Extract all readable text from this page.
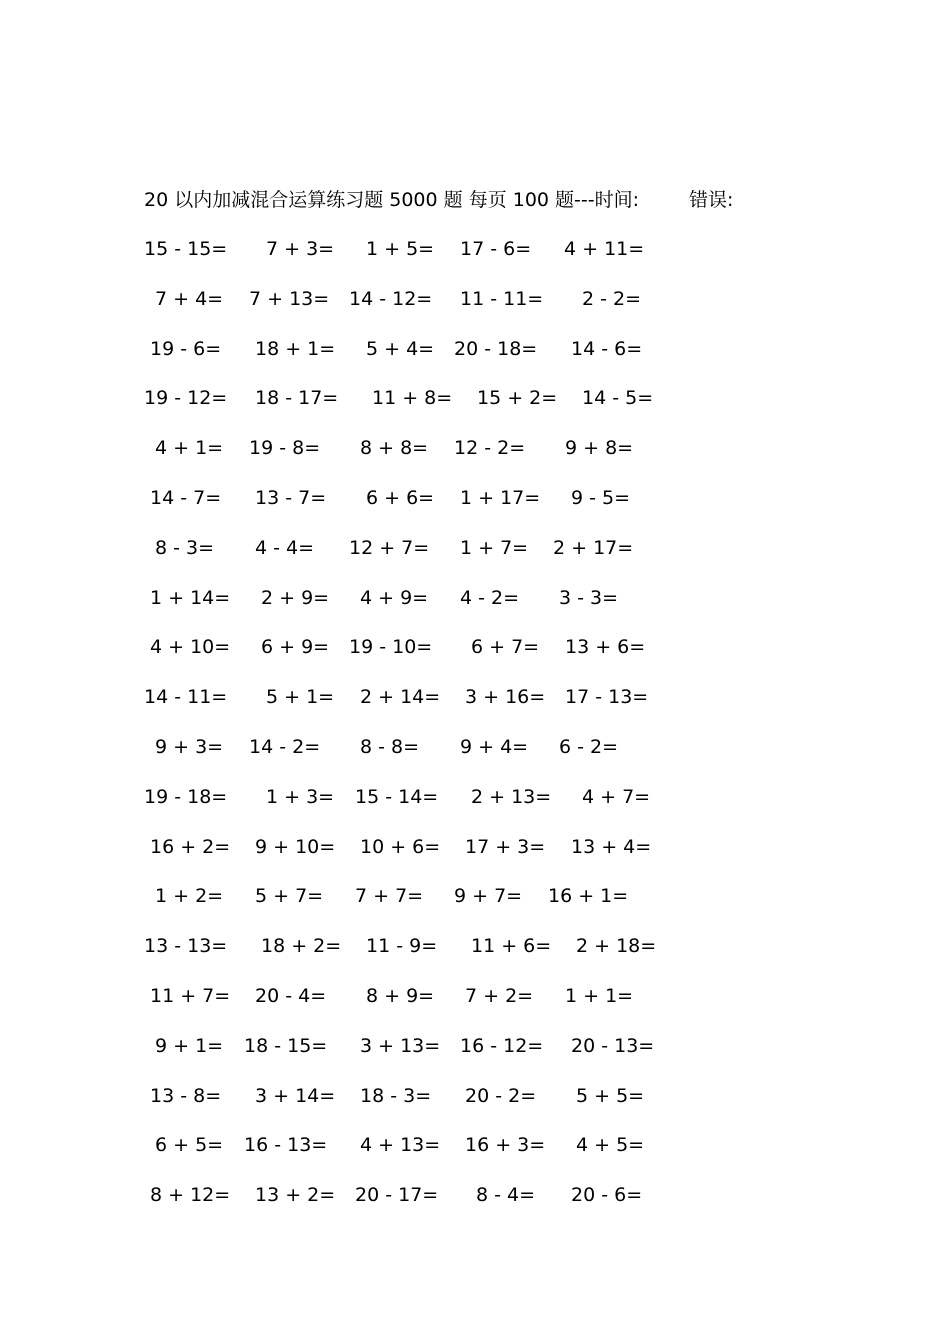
20 以内加减混合运算练习题 5000 题 每页 100 题---时间:	错误:
15 - 15= 7 + 3= 1 + 5= 17 - 6= 4 + 11=
7 + 4= 7 + 13= 14 - 12= 11 - 11= 2 - 2=
19 - 6= 18 + 1= 5 + 4= 20 - 18= 14 - 6=
19 - 12= 18 - 17= 11 + 8= 15 + 2= 14 - 5=
4 + 1= 19 - 8= 8 + 8= 12 - 2= 9 + 8=
14 - 7= 13 - 7= 6 + 6= 1 + 17= 9 - 5=
8 - 3= 4 - 4= 12 + 7= 1 + 7= 2 + 17=
1 + 14= 2 + 9= 4 + 9= 4 - 2= 3 - 3=
4 + 10= 6 + 9= 19 - 10= 6 + 7= 13 + 6=
14 - 11= 5 + 1= 2 + 14= 3 + 16= 17 - 13=
9 + 3= 14 - 2= 8 - 8= 9 + 4= 6 - 2=
19 - 18= 1 + 3= 15 - 14= 2 + 13= 4 + 7=
16 + 2= 9 + 10= 10 + 6= 17 + 3= 13 + 4=
1 + 2= 5 + 7= 7 + 7= 9 + 7= 16 + 1=
13 - 13= 18 + 2= 11 - 9= 11 + 6= 2 + 18=
11 + 7= 20 - 4= 8 + 9= 7 + 2= 1 + 1=
9 + 1= 18 - 15= 3 + 13= 16 - 12= 20 - 13=
13 - 8= 3 + 14= 18 - 3= 20 - 2= 5 + 5=
6 + 5= 16 - 13= 4 + 13= 16 + 3= 4 + 5=
8 + 12= 13 + 2= 20 - 17= 8 - 4= 20 - 6=
